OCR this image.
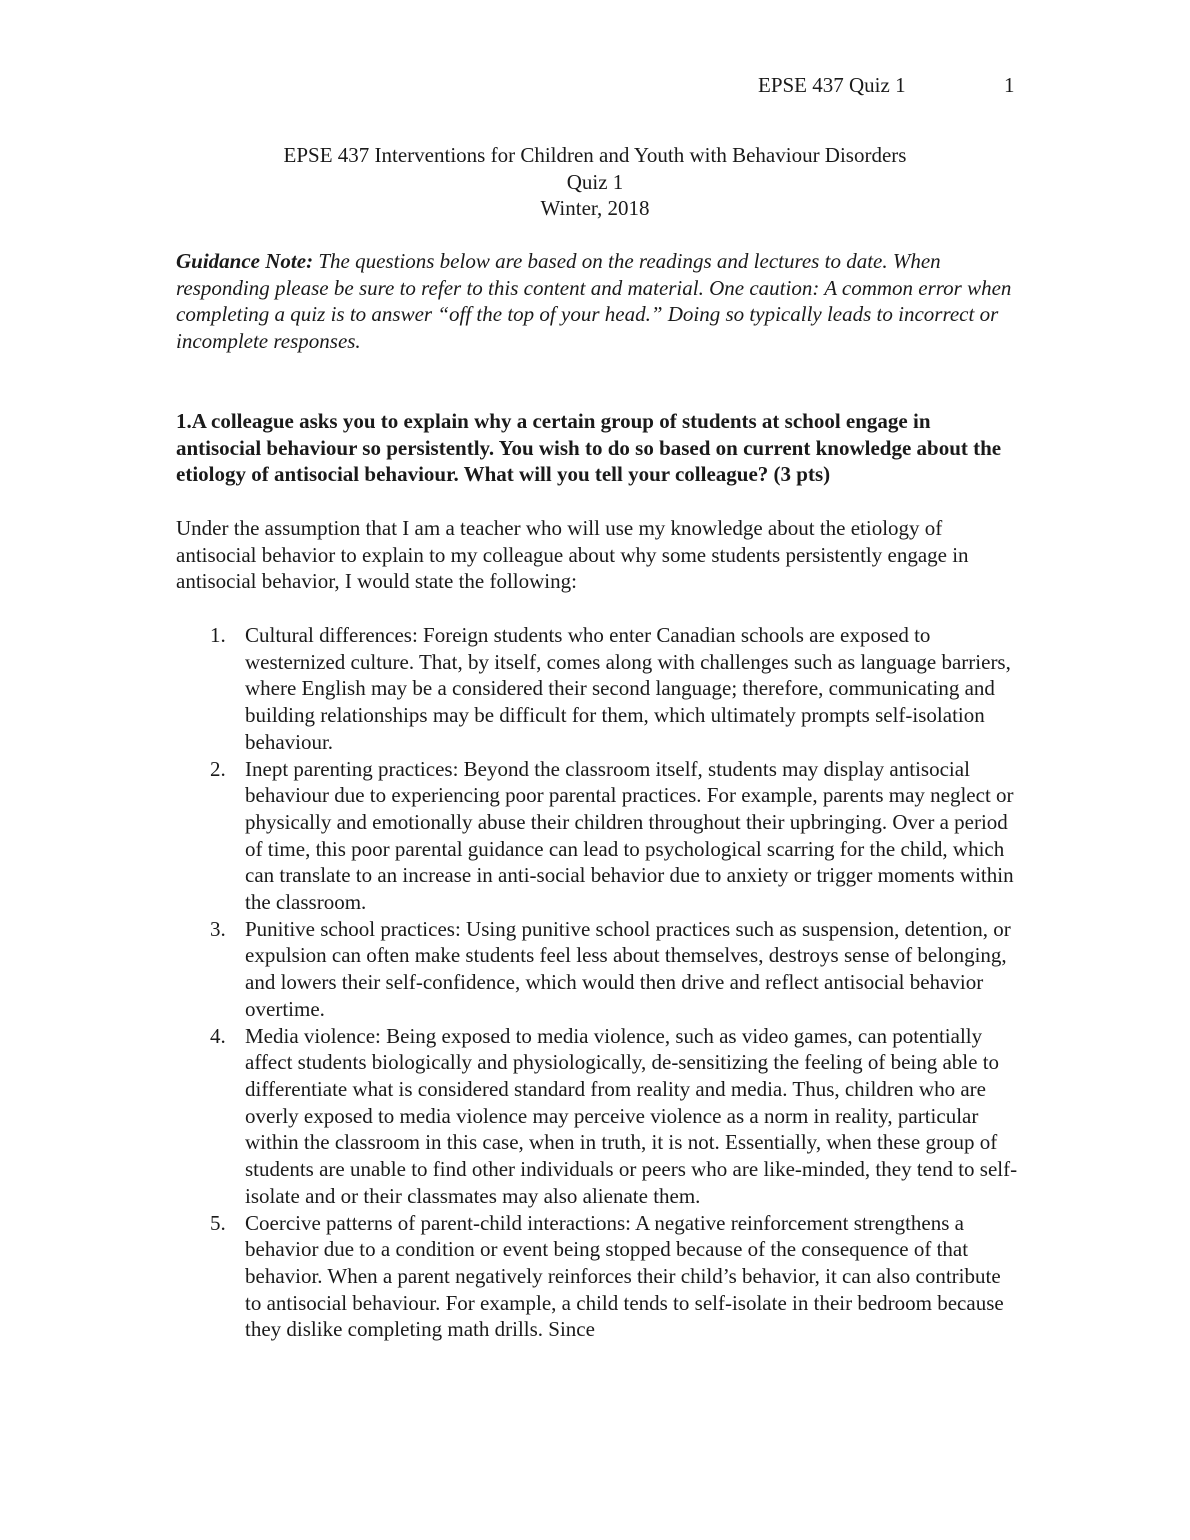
EPSE 437 Quiz 1	1
EPSE 437 Interventions for Children and Youth with Behaviour Disorders
Quiz 1
Winter, 2018

Guidance Note: The questions below are based on the readings and lectures to date. When responding please be sure to refer to this content and material. One caution: A common error when completing a quiz is to answer “off the top of your head.” Doing so typically leads to incorrect or incomplete responses.

1.A colleague asks you to explain why a certain group of students at school engage in antisocial behaviour so persistently. You wish to do so based on current knowledge about the etiology of antisocial behaviour. What will you tell your colleague? (3 pts)

Under the assumption that I am a teacher who will use my knowledge about the etiology of antisocial behavior to explain to my colleague about why some students persistently engage in antisocial behavior, I would state the following:

1. Cultural differences: Foreign students who enter Canadian schools are exposed to westernized culture. That, by itself, comes along with challenges such as language barriers, where English may be a considered their second language; therefore, communicating and building relationships may be difficult for them, which ultimately prompts self-isolation behaviour.
2. Inept parenting practices: Beyond the classroom itself, students may display antisocial behaviour due to experiencing poor parental practices. For example, parents may neglect or physically and emotionally abuse their children throughout their upbringing. Over a period of time, this poor parental guidance can lead to psychological scarring for the child, which can translate to an increase in anti-social behavior due to anxiety or trigger moments within the classroom.
3. Punitive school practices: Using punitive school practices such as suspension, detention, or expulsion can often make students feel less about themselves, destroys sense of belonging, and lowers their self-confidence, which would then drive and reflect antisocial behavior overtime.
4. Media violence: Being exposed to media violence, such as video games, can potentially affect students biologically and physiologically, de-sensitizing the feeling of being able to differentiate what is considered standard from reality and media. Thus, children who are overly exposed to media violence may perceive violence as a norm in reality, particular within the classroom in this case, when in truth, it is not. Essentially, when these group of students are unable to find other individuals or peers who are like-minded, they tend to self-isolate and or their classmates may also alienate them.
5. Coercive patterns of parent-child interactions: A negative reinforcement strengthens a behavior due to a condition or event being stopped because of the consequence of that behavior. When a parent negatively reinforces their child’s behavior, it can also contribute to antisocial behaviour. For example, a child tends to self-isolate in their bedroom because they dislike completing math drills. Since
